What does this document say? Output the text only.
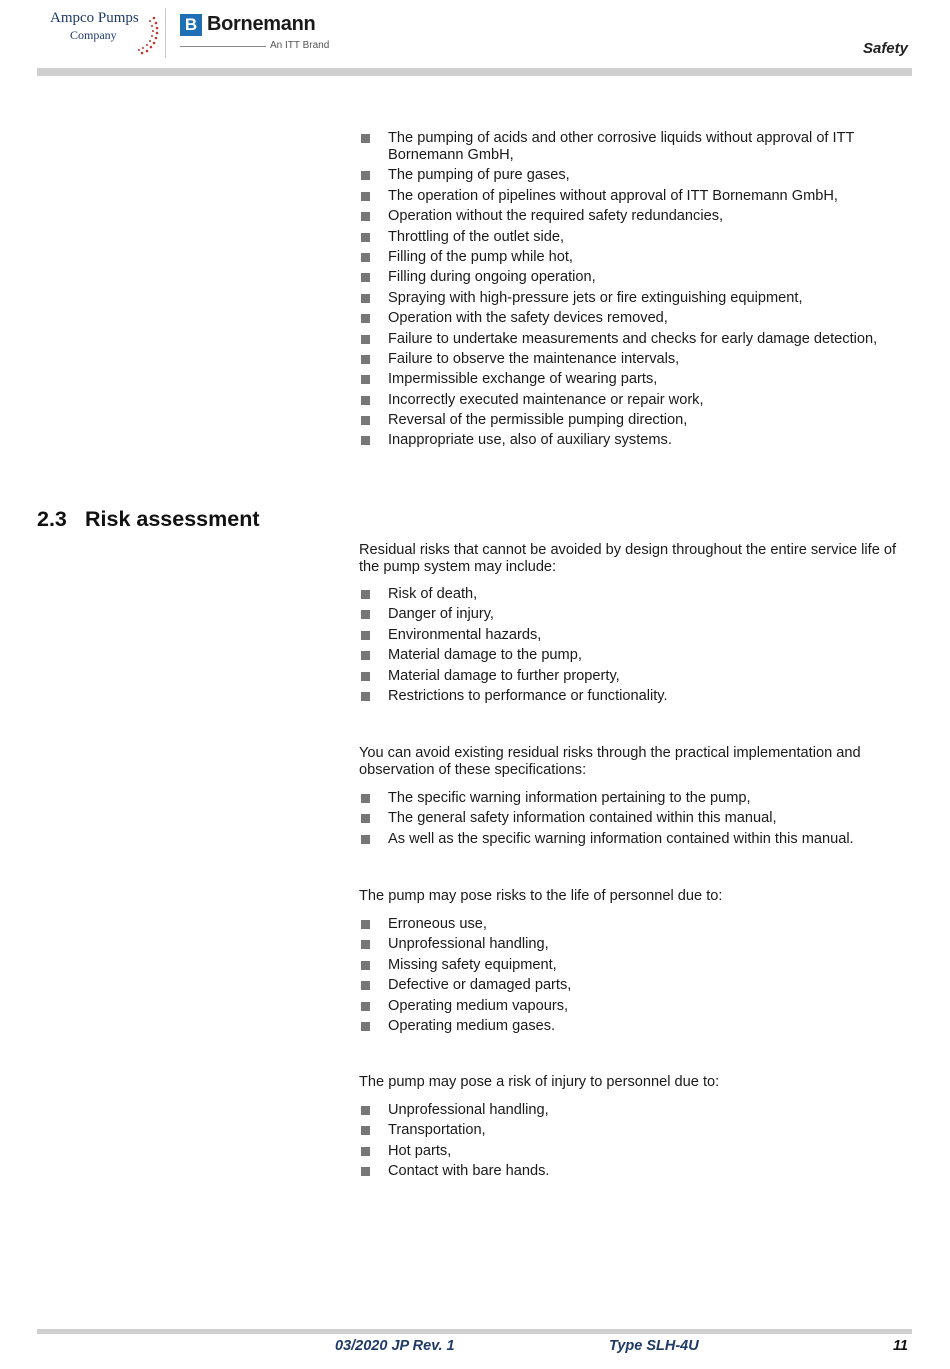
Ampco Pumps
Company
B Bornemann
An ITT Brand	Safety
The pumping of acids and other corrosive liquids without approval of ITT Bornemann GmbH,
The pumping of pure gases,
The operation of pipelines without approval of ITT Bornemann GmbH,
Operation without the required safety redundancies,
Throttling of the outlet side,
Filling of the pump while hot,
Filling during ongoing operation,
Spraying with high-pressure jets or fire extinguishing equipment,
Operation with the safety devices removed,
Failure to undertake measurements and checks for early damage detection,
Failure to observe the maintenance intervals,
Impermissible exchange of wearing parts,
Incorrectly executed maintenance or repair work,
Reversal of the permissible pumping direction,
Inappropriate use, also of auxiliary systems.
2.3 Risk assessment

Residual risks that cannot be avoided by design throughout the entire service life of the pump system may include:

Risk of death,
Danger of injury,
Environmental hazards,
Material damage to the pump,
Material damage to further property,
Restrictions to performance or functionality.

You can avoid existing residual risks through the practical implementation and observation of these specifications:

The specific warning information pertaining to the pump,
The general safety information contained within this manual,
As well as the specific warning information contained within this manual.

The pump may pose risks to the life of personnel due to:

Erroneous use,
Unprofessional handling,
Missing safety equipment,
Defective or damaged parts,
Operating medium vapours,
Operating medium gases.

The pump may pose a risk of injury to personnel due to:

Unprofessional handling,
Transportation,
Hot parts,
Contact with bare hands.
03/2020 JP Rev. 1	Type SLH-4U	11
